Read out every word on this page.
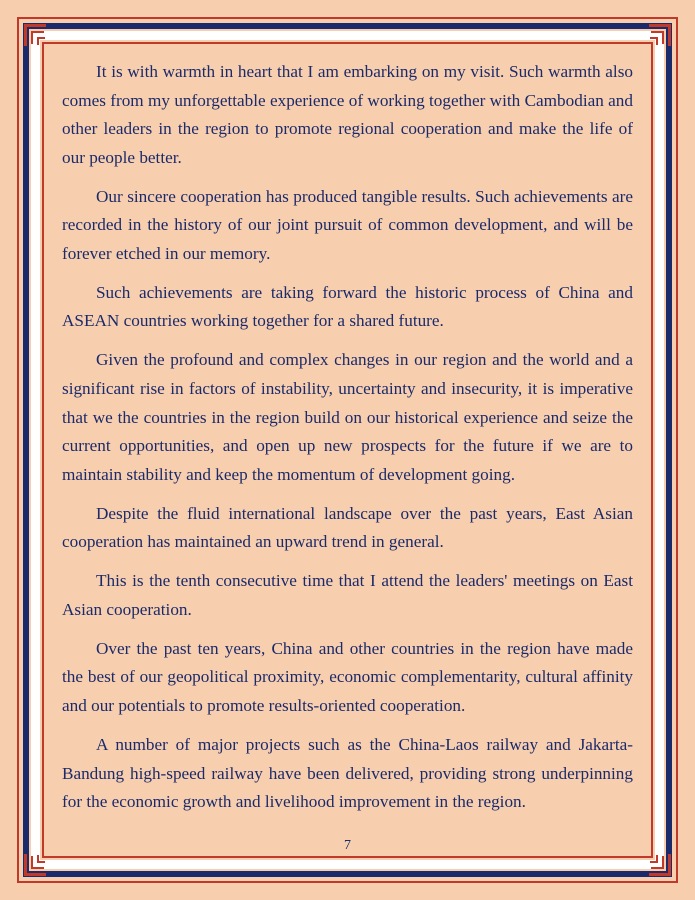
It is with warmth in heart that I am embarking on my visit. Such warmth also comes from my unforgettable experience of working together with Cambodian and other leaders in the region to promote regional cooperation and make the life of our people better.

Our sincere cooperation has produced tangible results. Such achievements are recorded in the history of our joint pursuit of common development, and will be forever etched in our memory.

Such achievements are taking forward the historic process of China and ASEAN countries working together for a shared future.

Given the profound and complex changes in our region and the world and a significant rise in factors of instability, uncertainty and insecurity, it is imperative that we the countries in the region build on our historical experience and seize the current opportunities, and open up new prospects for the future if we are to maintain stability and keep the momentum of development going.

Despite the fluid international landscape over the past years, East Asian cooperation has maintained an upward trend in general.

This is the tenth consecutive time that I attend the leaders' meetings on East Asian cooperation.

Over the past ten years, China and other countries in the region have made the best of our geopolitical proximity, economic complementarity, cultural affinity and our potentials to promote results-oriented cooperation.

A number of major projects such as the China-Laos railway and Jakarta-Bandung high-speed railway have been delivered, providing strong underpinning for the economic growth and livelihood improvement in the region.

7
